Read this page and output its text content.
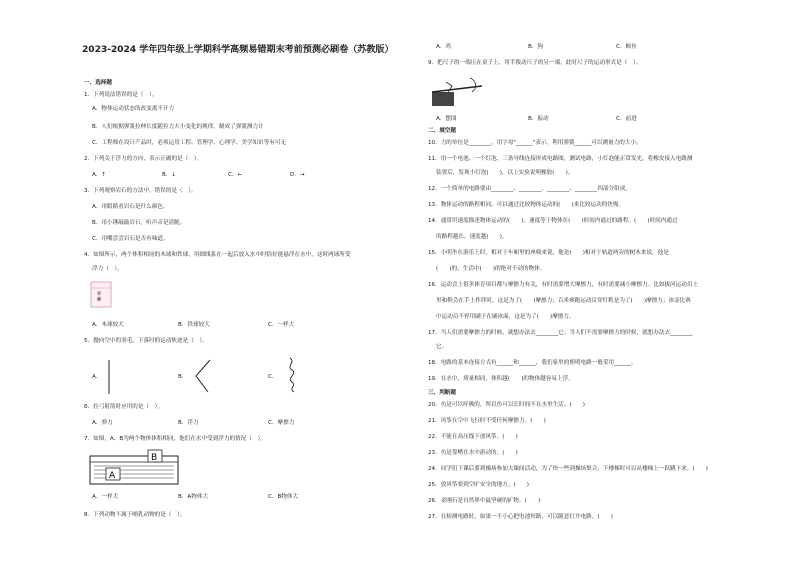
2023-2024 学年四年级上学期科学高频易错期末考前预测必刷卷（苏教版）
一、选择题
1．下列说法错误的是（　）。
A．物体运动状态的改变离不开力
B．人们根据弹簧拉伸长度随拉力大小变化的规律，制成了弹簧测力计
C．工程师在设计产品时，必须运用工程、管理学、心理学、美学知识等有可无
2．下列关于浮力的方向，表示正确的是（　）。
A．↑	B．↓	C．←	D．→
3．下列观察岩石的方法中，错误的是（　）。
A．用眼睛看岩石是什么颜色。
B．用小锤敲敲岩石，听声音是清脆。
C．用嘴尝尝岩石是否有味道。
4．如图所示，两个体积相同的木球和铁球，用细线系在一起后放入水中时恰好能悬浮在水中，这时两球所受
浮力（　）。
A．木球较大	B．铁球较大	C．一样大
5．抛向空中的羽毛，下落时的运动轨迹是（　）。
A．	B．	C．
6．拉弓射箭时应用的是（　）。
A．弹力	B．浮力	C．摩擦力
7．如图，A、B为两个物体体积相同，他们在水中受到浮力的情况（　）。
A
B
A．一样大	B．A物体大	C．B物体大
8．下列动物不属于哺乳动物的是（　）。
A．鸡	B．狗	C．鲸鱼
9．把尺子的一端压在桌子上，用手拨动尺子的另一端，此时尺子的运动形式是（　）。
A．摆图	B．振动	C．前进
二、填空题
10．力的单位是________，用字母"______"表示。利用弹簧______可以测量力的大小。
11．用一个电池、一个灯泡、三条导线连接形成电路图，测试电路，小灯泡能正常发光，将橡皮接入电路测
装置后，发现小灯泡(　　)，以上实验说明橡胶(　　)。
12．一个简单的电路要由________、________、________、________四部分组成。
13．物体运动的路程相同，可以通过比较物体运动的(　　)来比较运动的快慢。
14．通常用速度描述物体运动的(　　)。速度等于物体在(　　)时间内通过的路程。(　　)时间内通过
的路程越长，速度越(　　)。
15．小明坐在游乐上时，相对于车厢里的座椅来说，他是(　　)相对于轨道两旁的树木来说，他是
(　　)的。生活中(　　)的绝对不动的物体。
16．运动会上很多体育项目都与摩擦力有关，有时需要增大摩擦力，有时需要减小摩擦力。比如拔河运动员上
里和鞋会在手上拌拌时，这是为了(　　)摩擦力；百米赛跑运动员穿钉鞋是为了(　　)摩擦力；冰壶比赛
中运动员不停用刷子在刷冰面，这是为了(　　)摩擦力。
17．当人们需要摩擦力的时候，就想办法去________它；当人们不需要摩擦力的时候，就想办法去________
它。
18．电路的基本连接方式有______和______，我们家里的照明电路一般采用______。
19．在水中，质量相同，体积越(　　)的物体越容易上浮。
三、判断题
20．鱼是可以呼吸的，所以鱼可以长时间不在水里生活。(　　)
21．风筝在空中飞行时不受任何摩擦力。(　　)
22．不能在高压线下放风筝。(　　)
23．鱼是靠鳍在水中游动的。(　　)
24．同学们下课后要到操场参加大课间活动，为了快一些到操场集合，下楼梯时可以从楼梯上一跃跳下来。(　　)
25．放风筝要到空旷安全的地方。(　　)
26．金刚石是自然界中最坚硬的矿物。(　　)
27．在检测电路时，如果一不小心把电池短路，可以随意打开电路。(　　)
